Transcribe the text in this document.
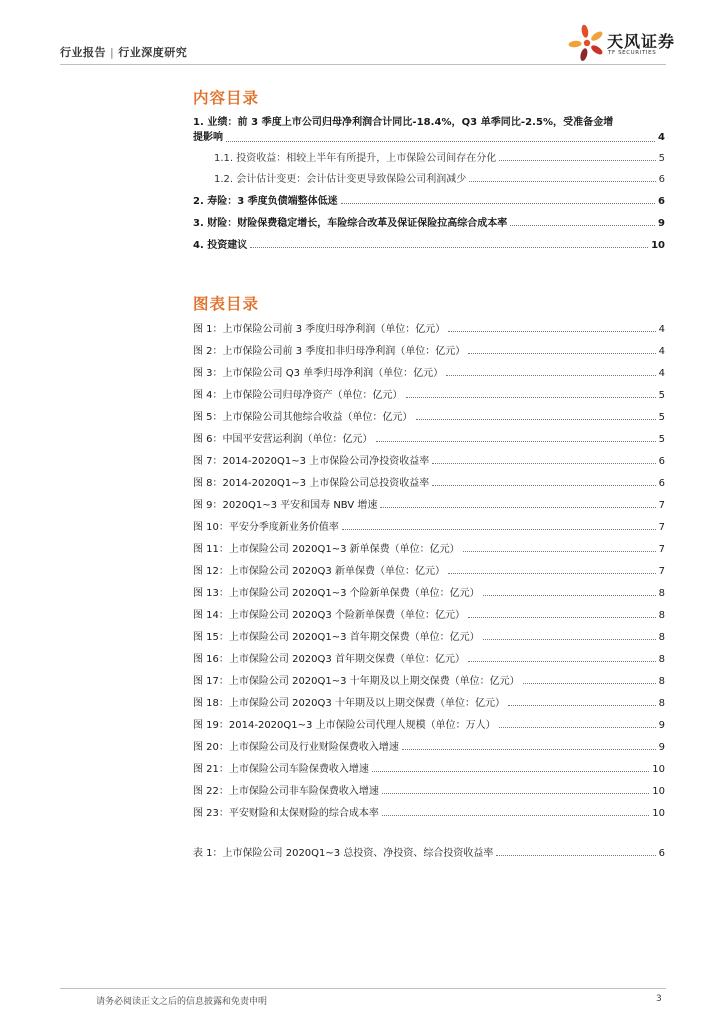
行业报告 | 行业深度研究
天风证券
TF SECURITIES
内容目录
1. 业绩：前 3 季度上市公司归母净利润合计同比-18.4%，Q3 单季同比-2.5%，受准备金增
提影响	4
1.1. 投资收益：相较上半年有所提升，上市保险公司间存在分化	5
1.2. 会计估计变更：会计估计变更导致保险公司利润减少	6
2. 寿险：3 季度负债端整体低迷	6
3. 财险：财险保费稳定增长，车险综合改革及保证保险拉高综合成本率	9
4. 投资建议	10
图表目录
图 1：上市保险公司前 3 季度归母净利润（单位：亿元）	4
图 2：上市保险公司前 3 季度扣非归母净利润（单位：亿元）	4
图 3：上市保险公司 Q3 单季归母净利润（单位：亿元）	4
图 4：上市保险公司归母净资产（单位：亿元）	5
图 5：上市保险公司其他综合收益（单位：亿元）	5
图 6：中国平安营运利润（单位：亿元）	5
图 7：2014-2020Q1~3 上市保险公司净投资收益率	6
图 8：2014-2020Q1~3 上市保险公司总投资收益率	6
图 9：2020Q1~3 平安和国寿 NBV 增速	7
图 10：平安分季度新业务价值率	7
图 11：上市保险公司 2020Q1~3 新单保费（单位：亿元）	7
图 12：上市保险公司 2020Q3 新单保费（单位：亿元）	7
图 13：上市保险公司 2020Q1~3 个险新单保费（单位：亿元）	8
图 14：上市保险公司 2020Q3 个险新单保费（单位：亿元）	8
图 15：上市保险公司 2020Q1~3 首年期交保费（单位：亿元）	8
图 16：上市保险公司 2020Q3 首年期交保费（单位：亿元）	8
图 17：上市保险公司 2020Q1~3 十年期及以上期交保费（单位：亿元）	8
图 18：上市保险公司 2020Q3 十年期及以上期交保费（单位：亿元）	8
图 19：2014-2020Q1~3 上市保险公司代理人规模（单位：万人）	9
图 20：上市保险公司及行业财险保费收入增速	9
图 21：上市保险公司车险保费收入增速	10
图 22：上市保险公司非车险保费收入增速	10
图 23：平安财险和太保财险的综合成本率	10
表 1：上市保险公司 2020Q1~3 总投资、净投资、综合投资收益率	6
请务必阅读正文之后的信息披露和免责申明	3
